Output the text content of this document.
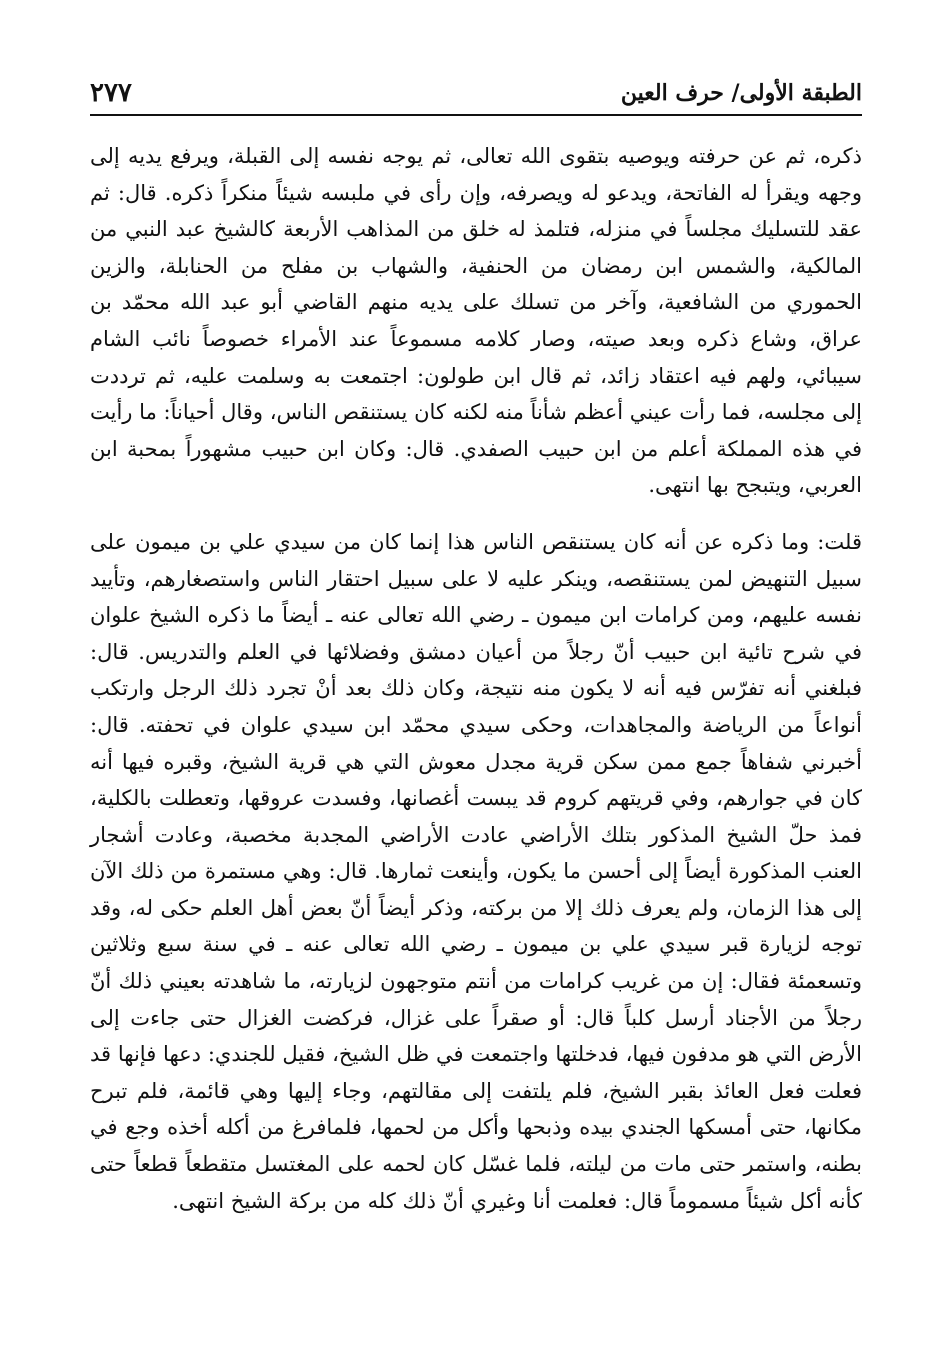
الطبقة الأولى/ حرف العين
٢٧٧

ذكره، ثم عن حرفته ويوصيه بتقوى الله تعالى، ثم يوجه نفسه إلى القبلة، ويرفع يديه إلى وجهه ويقرأ له الفاتحة، ويدعو له ويصرفه، وإن رأى في ملبسه شيئاً منكراً ذكره. قال: ثم عقد للتسليك مجلساً في منزله، فتلمذ له خلق من المذاهب الأربعة كالشيخ عبد النبي من المالكية، والشمس ابن رمضان من الحنفية، والشهاب بن مفلح من الحنابلة، والزين الحموري من الشافعية، وآخر من تسلك على يديه منهم القاضي أبو عبد الله محمّد بن عراق، وشاع ذكره وبعد صيته، وصار كلامه مسموعاً عند الأمراء خصوصاً نائب الشام سيبائي، ولهم فيه اعتقاد زائد، ثم قال ابن طولون: اجتمعت به وسلمت عليه، ثم ترددت إلى مجلسه، فما رأت عيني أعظم شأناً منه لكنه كان يستنقص الناس، وقال أحياناً: ما رأيت في هذه المملكة أعلم من ابن حبيب الصفدي. قال: وكان ابن حبيب مشهوراً بمحبة ابن العربي، ويتبجح بها انتهى.

قلت: وما ذكره عن أنه كان يستنقص الناس هذا إنما كان من سيدي علي بن ميمون على سبيل التنهيض لمن يستنقصه، وينكر عليه لا على سبيل احتقار الناس واستصغارهم، وتأييد نفسه عليهم، ومن كرامات ابن ميمون ـ رضي الله تعالى عنه ـ أيضاً ما ذكره الشيخ علوان في شرح تائية ابن حبيب أنّ رجلاً من أعيان دمشق وفضلائها في العلم والتدريس. قال: فبلغني أنه تفرّس فيه أنه لا يكون منه نتيجة، وكان ذلك بعد أنْ تجرد ذلك الرجل وارتكب أنواعاً من الرياضة والمجاهدات، وحكى سيدي محمّد ابن سيدي علوان في تحفته. قال: أخبرني شفاهاً جمع ممن سكن قرية مجدل معوش التي هي قرية الشيخ، وقبره فيها أنه كان في جوارهم، وفي قريتهم كروم قد يبست أغصانها، وفسدت عروقها، وتعطلت بالكلية، فمذ حلّ الشيخ المذكور بتلك الأراضي عادت الأراضي المجدبة مخصبة، وعادت أشجار العنب المذكورة أيضاً إلى أحسن ما يكون، وأينعت ثمارها. قال: وهي مستمرة من ذلك الآن إلى هذا الزمان، ولم يعرف ذلك إلا من بركته، وذكر أيضاً أنّ بعض أهل العلم حكى له، وقد توجه لزيارة قبر سيدي علي بن ميمون ـ رضي الله تعالى عنه ـ في سنة سبع وثلاثين وتسعمئة فقال: إن من غريب كرامات من أنتم متوجهون لزيارته، ما شاهدته بعيني ذلك أنّ رجلاً من الأجناد أرسل كلباً قال: أو صقراً على غزال، فركضت الغزال حتى جاءت إلى الأرض التي هو مدفون فيها، فدخلتها واجتمعت في ظل الشيخ، فقيل للجندي: دعها فإنها قد فعلت فعل العائذ بقبر الشيخ، فلم يلتفت إلى مقالتهم، وجاء إليها وهي قائمة، فلم تبرح مكانها، حتى أمسكها الجندي بيده وذبحها وأكل من لحمها، فلمافرغ من أكله أخذه وجع في بطنه، واستمر حتى مات من ليلته، فلما غسّل كان لحمه على المغتسل متقطعاً قطعاً حتى كأنه أكل شيئاً مسموماً قال: فعلمت أنا وغيري أنّ ذلك كله من بركة الشيخ انتهى.
